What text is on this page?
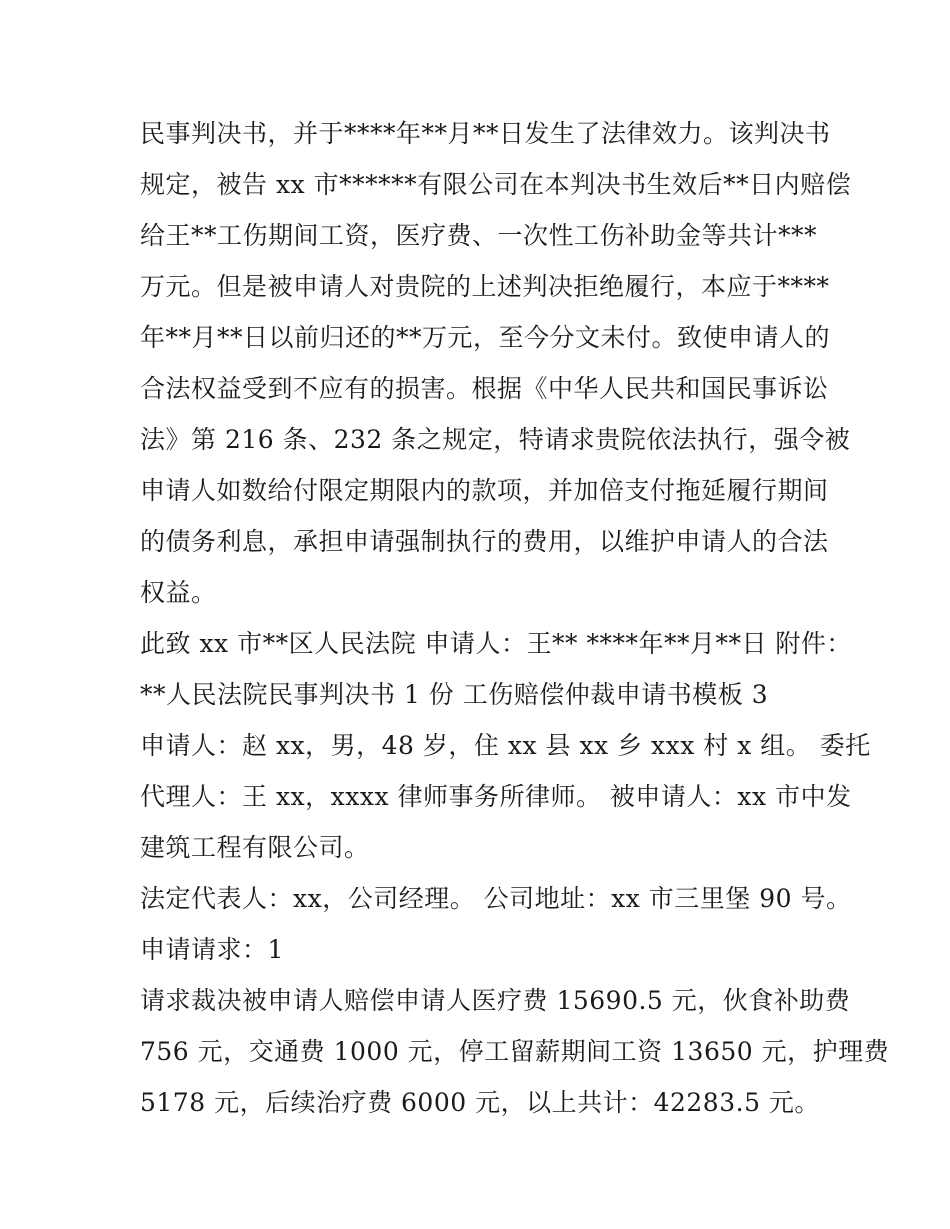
民事判决书，并于****年**月**日发生了法律效力。该判决书
规定，被告 xx 市******有限公司在本判决书生效后**日内赔偿
给王**工伤期间工资，医疗费、一次性工伤补助金等共计***
万元。但是被申请人对贵院的上述判决拒绝履行，本应于****
年**月**日以前归还的**万元，至今分文未付。致使申请人的
合法权益受到不应有的损害。根据《中华人民共和国民事诉讼
法》第 216 条、232 条之规定，特请求贵院依法执行，强令被
申请人如数给付限定期限内的款项，并加倍支付拖延履行期间
的债务利息，承担申请强制执行的费用，以维护申请人的合法
权益。
此致 xx 市**区人民法院 申请人：王** ****年**月**日 附件：
**人民法院民事判决书 1 份 工伤赔偿仲裁申请书模板 3
申请人：赵 xx，男，48 岁，住 xx 县 xx 乡 xxx 村 x 组。 委托
代理人：王 xx，xxxx 律师事务所律师。 被申请人：xx 市中发
建筑工程有限公司。
法定代表人：xx，公司经理。 公司地址：xx 市三里堡 90 号。
申请请求：1
请求裁决被申请人赔偿申请人医疗费 15690.5 元，伙食补助费
756 元，交通费 1000 元，停工留薪期间工资 13650 元，护理费
5178 元，后续治疗费 6000 元，以上共计：42283.5 元。
